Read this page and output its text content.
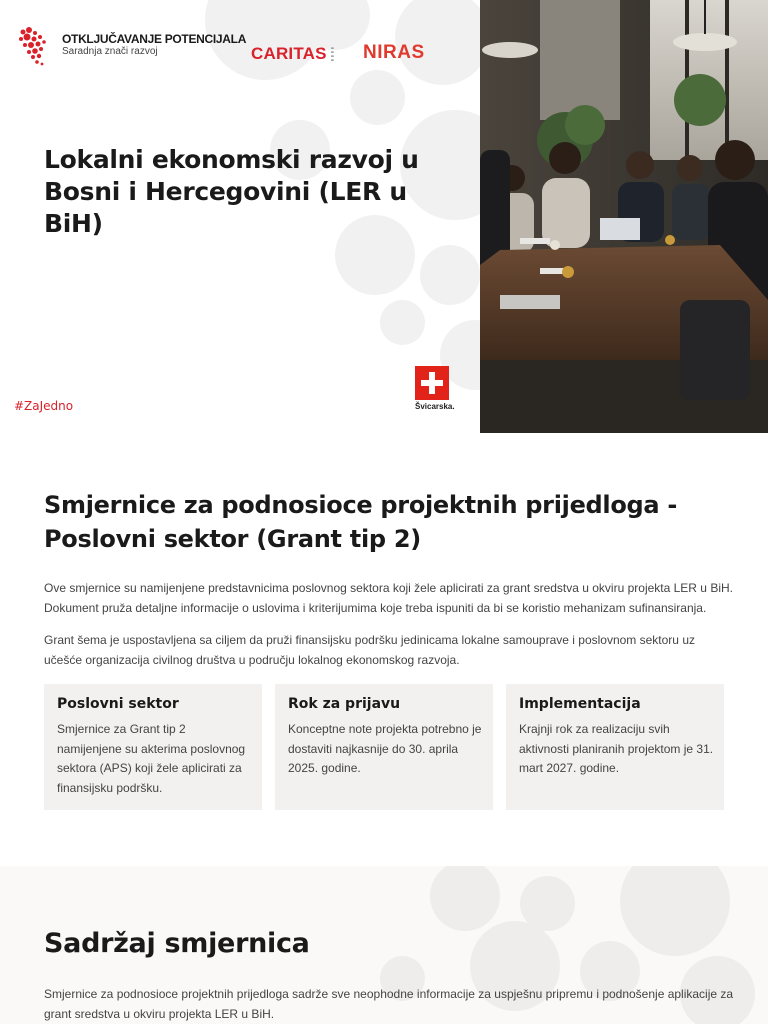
OTKLJUČAVANJE POTENCIJALA
Saradnja znači razvoj	CARITAS ▬
▬
▬
▬	NIRAS
Lokalni ekonomski razvoj u Bosni i Hercegovini (LER u BiH)
#ZaJedno	Švicarska.
Smjernice za podnosioce projektnih prijedloga - Poslovni sektor (Grant tip 2)

Ove smjernice su namijenjene predstavnicima poslovnog sektora koji žele aplicirati za grant sredstva u okviru projekta LER u BiH. Dokument pruža detaljne informacije o uslovima i kriterijumima koje treba ispuniti da bi se koristio mehanizam sufinansiranja.

Grant šema je uspostavljena sa ciljem da pruži finansijsku podršku jedinicama lokalne samouprave i poslovnom sektoru uz učešće organizacija civilnog društva u području lokalnog ekonomskog razvoja.

Poslovni sektor

Smjernice za Grant tip 2 namijenjene su akterima poslovnog sektora (APS) koji žele aplicirati za finansijsku podršku.

Rok za prijavu

Konceptne note projekta potrebno je dostaviti najkasnije do 30. aprila 2025. godine.

Implementacija

Krajnji rok za realizaciju svih aktivnosti planiranih projektom je 31. mart 2027. godine.

Sadržaj smjernica

Smjernice za podnosioce projektnih prijedloga sadrže sve neophodne informacije za uspješnu pripremu i podnošenje aplikacije za grant sredstva u okviru projekta LER u BiH.
